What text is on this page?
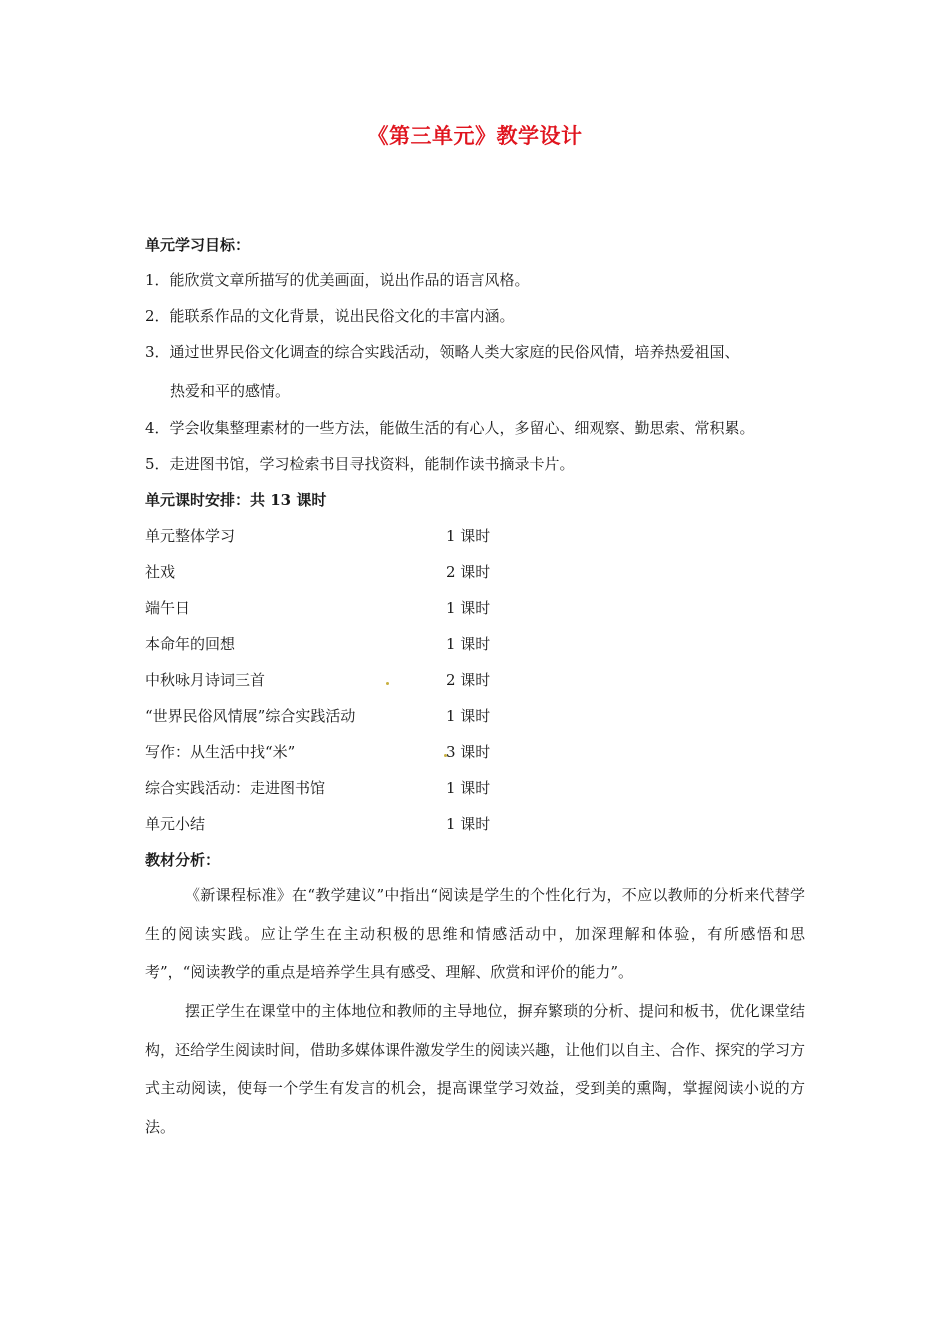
《第三单元》教学设计
单元学习目标：
1．能欣赏文章所描写的优美画面，说出作品的语言风格。
2．能联系作品的文化背景，说出民俗文化的丰富内涵。
3．通过世界民俗文化调查的综合实践活动，领略人类大家庭的民俗风情，培养热爱祖国、
热爱和平的感情。
4．学会收集整理素材的一些方法，能做生活的有心人，多留心、细观察、勤思索、常积累。
5．走进图书馆，学习检索书目寻找资料，能制作读书摘录卡片。
单元课时安排：共 13 课时
单元整体学习	1 课时
社戏	2 课时
端午日	1 课时
本命年的回想	1 课时
中秋咏月诗词三首	2 课时
“世界民俗风情展”综合实践活动	1 课时
写作：从生活中找“米”	3 课时
综合实践活动：走进图书馆	1 课时
单元小结	1 课时
教材分析：
《新课程标准》在“教学建议”中指出“阅读是学生的个性化行为，不应以教师的分析来代替学生的阅读实践。应让学生在主动积极的思维和情感活动中，加深理解和体验，有所感悟和思考”，“阅读教学的重点是培养学生具有感受、理解、欣赏和评价的能力”。
摆正学生在课堂中的主体地位和教师的主导地位，摒弃繁琐的分析、提问和板书，优化课堂结构，还给学生阅读时间，借助多媒体课件激发学生的阅读兴趣，让他们以自主、合作、探究的学习方式主动阅读，使每一个学生有发言的机会，提高课堂学习效益，受到美的熏陶，掌握阅读小说的方法。
